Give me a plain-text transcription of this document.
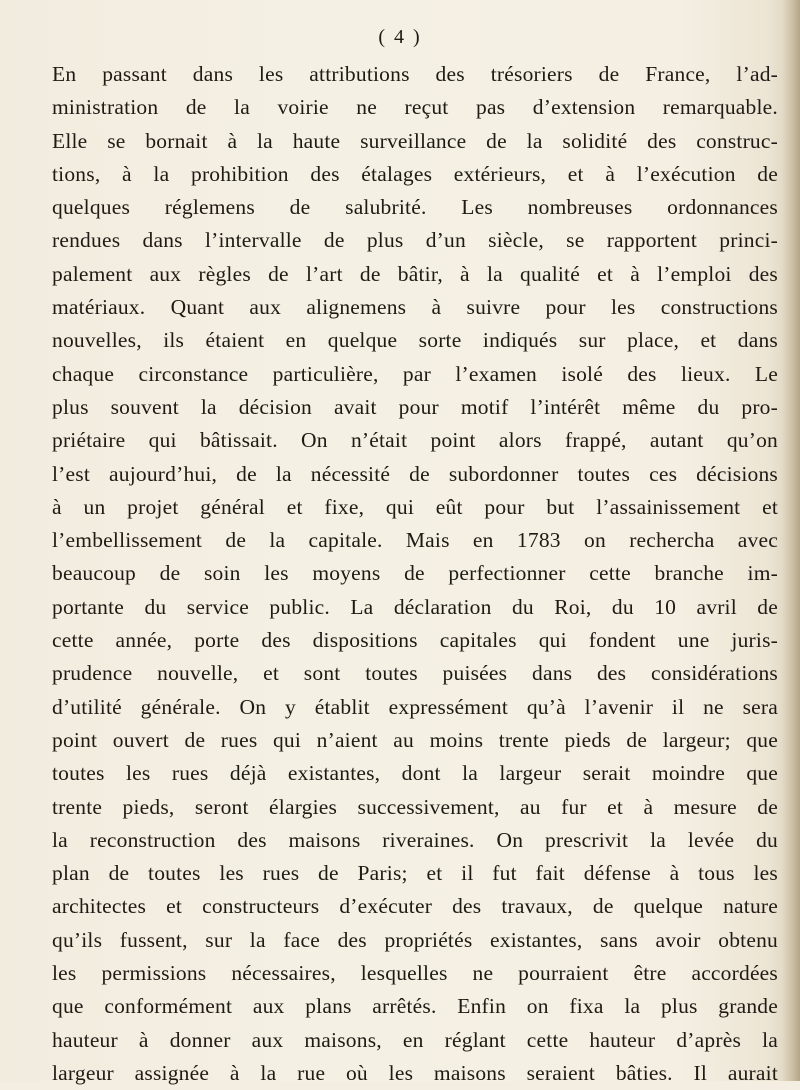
( 4 )
En passant dans les attributions des trésoriers de France, l’ad-
ministration de la voirie ne reçut pas d’extension remarquable.
Elle se bornait à la haute surveillance de la solidité des construc-
tions, à la prohibition des étalages extérieurs, et à l’exécution de
quelques réglemens de salubrité. Les nombreuses ordonnances
rendues dans l’intervalle de plus d’un siècle, se rapportent princi-
palement aux règles de l’art de bâtir, à la qualité et à l’emploi des
matériaux. Quant aux alignemens à suivre pour les constructions
nouvelles, ils étaient en quelque sorte indiqués sur place, et dans
chaque circonstance particulière, par l’examen isolé des lieux. Le
plus souvent la décision avait pour motif l’intérêt même du pro-
priétaire qui bâtissait. On n’était point alors frappé, autant qu’on
l’est aujourd’hui, de la nécessité de subordonner toutes ces décisions
à un projet général et fixe, qui eût pour but l’assainissement et
l’embellissement de la capitale. Mais en 1783 on rechercha avec
beaucoup de soin les moyens de perfectionner cette branche im-
portante du service public. La déclaration du Roi, du 10 avril de
cette année, porte des dispositions capitales qui fondent une juris-
prudence nouvelle, et sont toutes puisées dans des considérations
d’utilité générale. On y établit expressément qu’à l’avenir il ne sera
point ouvert de rues qui n’aient au moins trente pieds de largeur; que
toutes les rues déjà existantes, dont la largeur serait moindre que
trente pieds, seront élargies successivement, au fur et à mesure de
la reconstruction des maisons riveraines. On prescrivit la levée du
plan de toutes les rues de Paris; et il fut fait défense à tous les
architectes et constructeurs d’exécuter des travaux, de quelque nature
qu’ils fussent, sur la face des propriétés existantes, sans avoir obtenu
les permissions nécessaires, lesquelles ne pourraient être accordées
que conformément aux plans arrêtés. Enfin on fixa la plus grande
hauteur à donner aux maisons, en réglant cette hauteur d’après la
largeur assignée à la rue où les maisons seraient bâties. Il aurait
